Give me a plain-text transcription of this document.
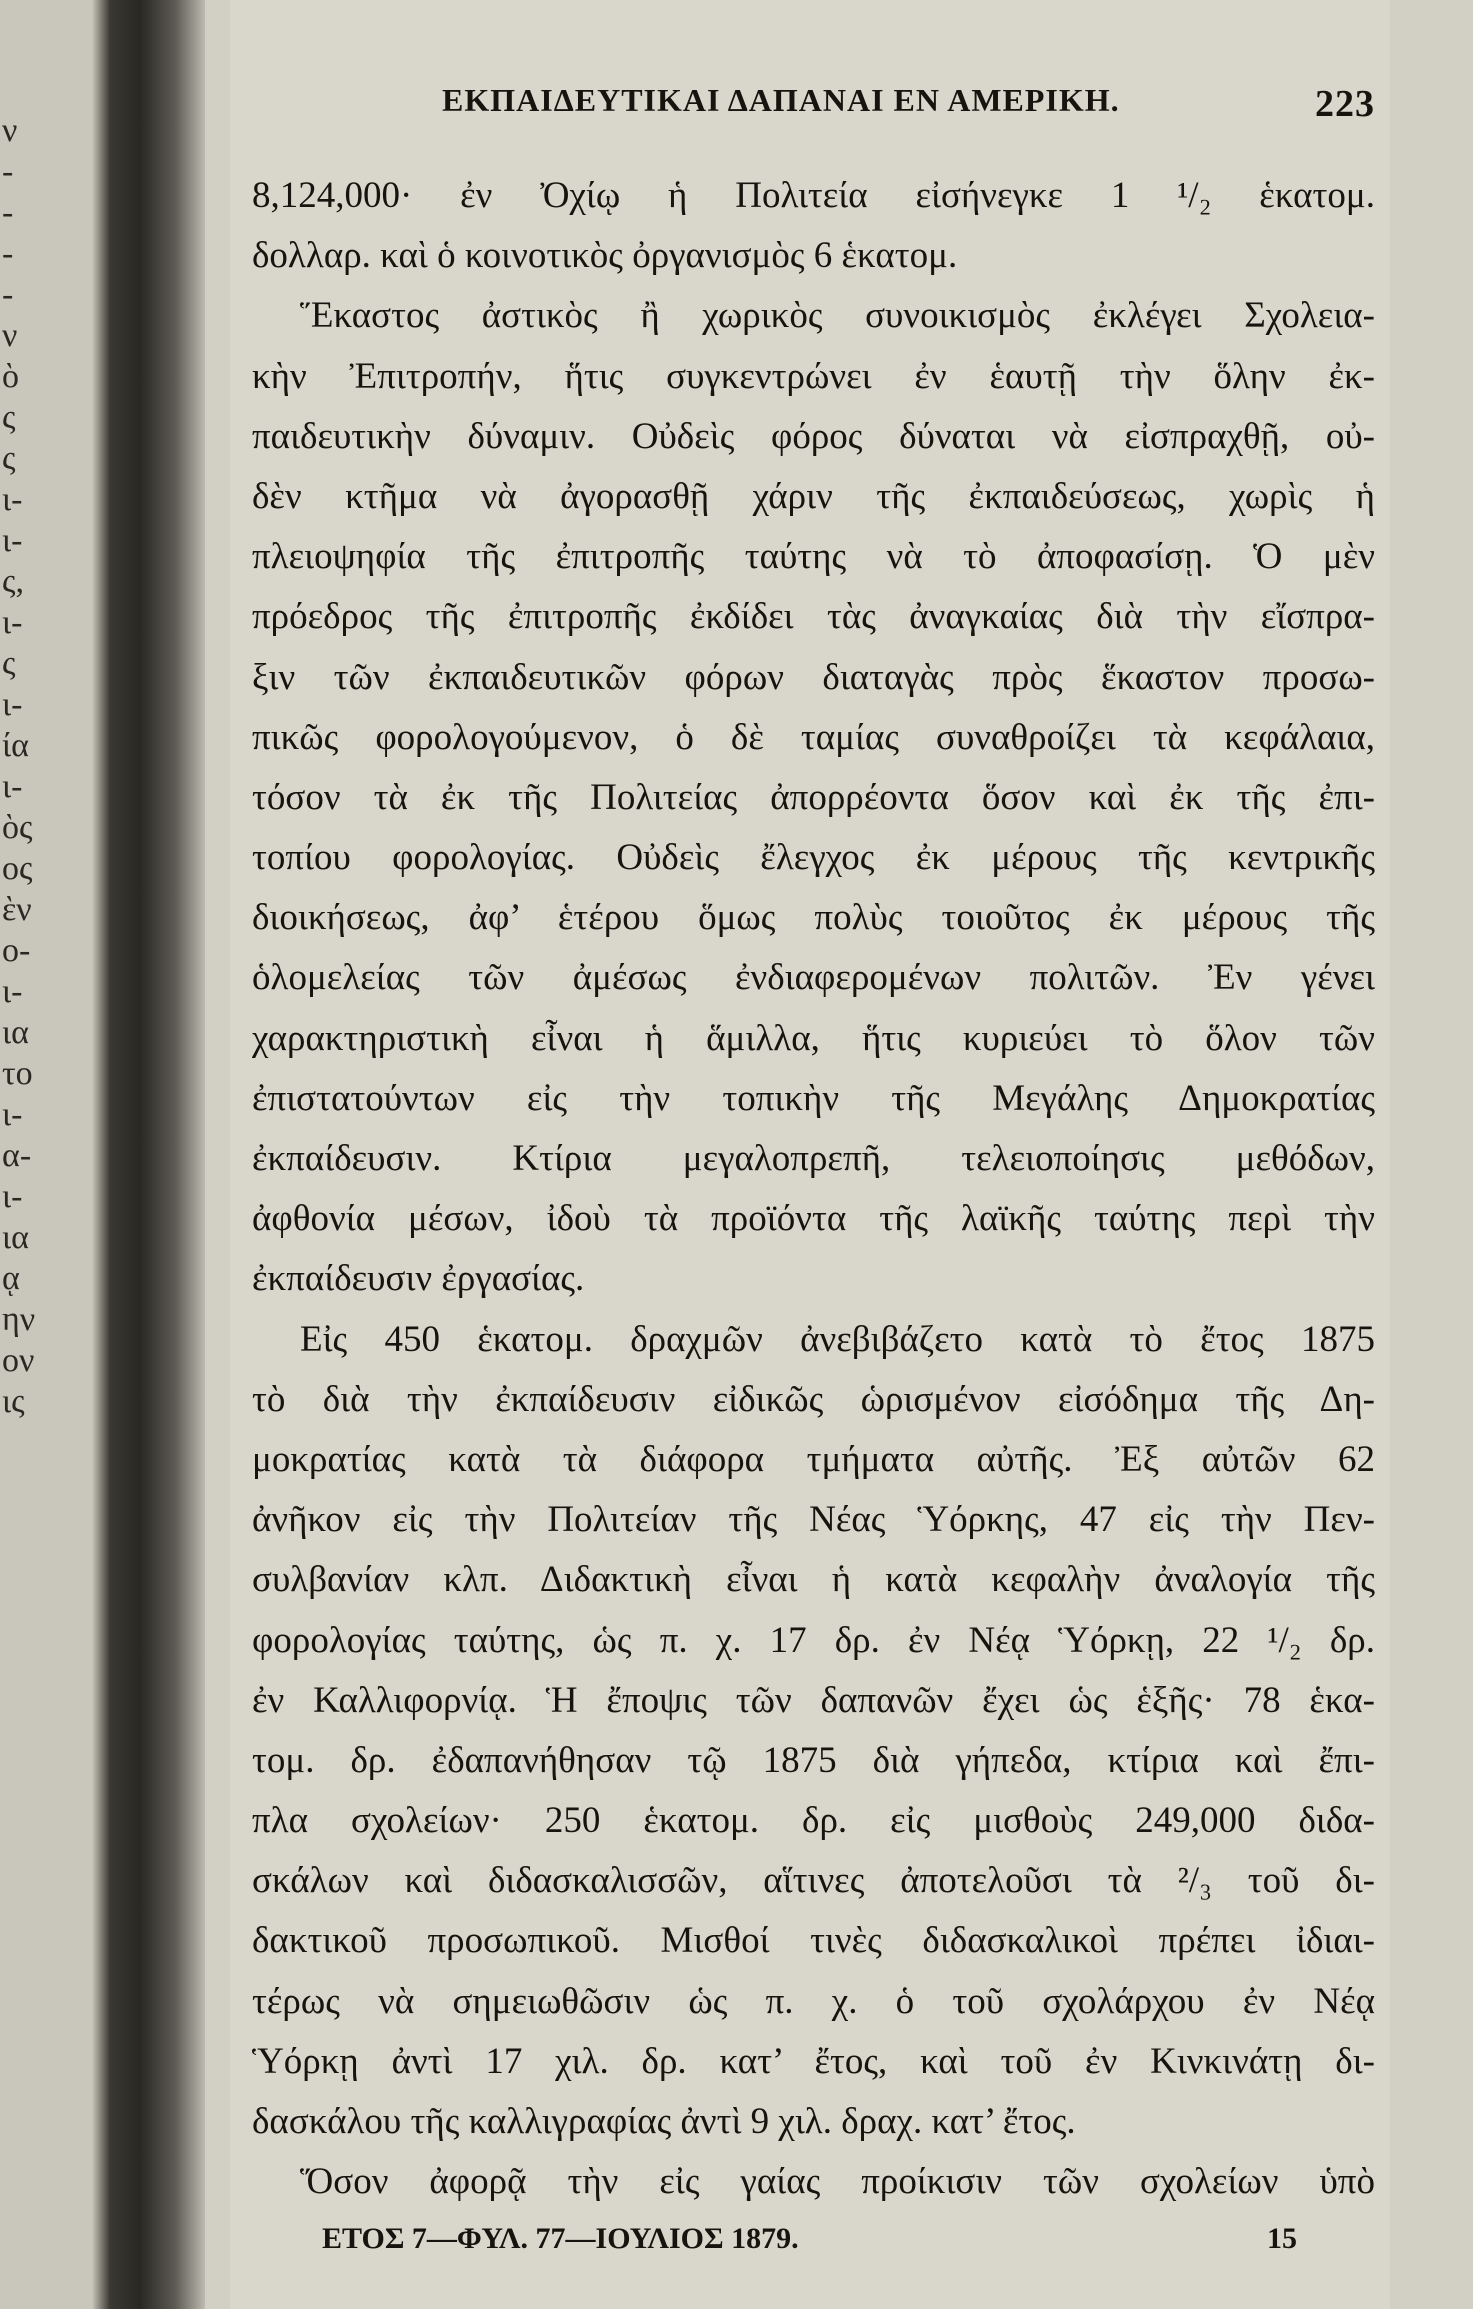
ν
-
-
-
-
ν
ὸ
ς
ς
ι-
ι-
ς,
ι-
ς
ι-
ία
ι-
ὸς
ος
ὲν
ο-
ι-
ια
το
ι-
α-
ι-
ια
ᾳ
ην
ον
ις
ΕΚΠΑΙΔΕΥΤΙΚΑΙ ΔΑΠΑΝΑΙ ΕΝ ΑΜΕΡΙΚΗ.	223
8,124,000· ἐν Ὀχίῳ ἡ Πολιτεία εἰσήνεγκε 1 ¹/₂ ἑκατομ.
δολλαρ. καὶ ὁ κοινοτικὸς ὀργανισμὸς 6 ἑκατομ.
Ἕκαστος ἀστικὸς ἢ χωρικὸς συνοικισμὸς ἐκλέγει Σχολεια-
κὴν Ἐπιτροπήν, ἥτις συγκεντρώνει ἐν ἑαυτῇ τὴν ὅλην ἐκ-
παιδευτικὴν δύναμιν. Οὐδεὶς φόρος δύναται νὰ εἰσπραχθῇ, οὐ-
δὲν κτῆμα νὰ ἀγορασθῇ χάριν τῆς ἐκπαιδεύσεως, χωρὶς ἡ
πλειοψηφία τῆς ἐπιτροπῆς ταύτης νὰ τὸ ἀποφασίσῃ. Ὁ μὲν
πρόεδρος τῆς ἐπιτροπῆς ἐκδίδει τὰς ἀναγκαίας διὰ τὴν εἴσπρα-
ξιν τῶν ἐκπαιδευτικῶν φόρων διαταγὰς πρὸς ἕκαστον προσω-
πικῶς φορολογούμενον, ὁ δὲ ταμίας συναθροίζει τὰ κεφάλαια,
τόσον τὰ ἐκ τῆς Πολιτείας ἀπορρέοντα ὅσον καὶ ἐκ τῆς ἐπι-
τοπίου φορολογίας. Οὐδεὶς ἔλεγχος ἐκ μέρους τῆς κεντρικῆς
διοικήσεως, ἀφ’ ἑτέρου ὅμως πολὺς τοιοῦτος ἐκ μέρους τῆς
ὁλομελείας τῶν ἀμέσως ἐνδιαφερομένων πολιτῶν. Ἐν γένει
χαρακτηριστικὴ εἶναι ἡ ἅμιλλα, ἥτις κυριεύει τὸ ὅλον τῶν
ἐπιστατούντων εἰς τὴν τοπικὴν τῆς Μεγάλης Δημοκρατίας
ἐκπαίδευσιν. Κτίρια μεγαλοπρεπῆ, τελειοποίησις μεθόδων,
ἀφθονία μέσων, ἰδοὺ τὰ προϊόντα τῆς λαϊκῆς ταύτης περὶ τὴν
ἐκπαίδευσιν ἐργασίας.
Εἰς 450 ἑκατομ. δραχμῶν ἀνεβιβάζετο κατὰ τὸ ἔτος 1875
τὸ διὰ τὴν ἐκπαίδευσιν εἰδικῶς ὡρισμένον εἰσόδημα τῆς Δη-
μοκρατίας κατὰ τὰ διάφορα τμήματα αὐτῆς. Ἐξ αὐτῶν 62
ἀνῆκον εἰς τὴν Πολιτείαν τῆς Νέας Ὑόρκης, 47 εἰς τὴν Πεν-
συλβανίαν κλπ. Διδακτικὴ εἶναι ἡ κατὰ κεφαλὴν ἀναλογία τῆς
φορολογίας ταύτης, ὡς π. χ. 17 δρ. ἐν Νέᾳ Ὑόρκῃ, 22 ¹/₂ δρ.
ἐν Καλλιφορνίᾳ. Ἡ ἔποψις τῶν δαπανῶν ἔχει ὡς ἑξῆς· 78 ἑκα-
τομ. δρ. ἐδαπανήθησαν τῷ 1875 διὰ γήπεδα, κτίρια καὶ ἔπι-
πλα σχολείων· 250 ἑκατομ. δρ. εἰς μισθοὺς 249,000 διδα-
σκάλων καὶ διδασκαλισσῶν, αἵτινες ἀποτελοῦσι τὰ ²/₃ τοῦ δι-
δακτικοῦ προσωπικοῦ. Μισθοί τινὲς διδασκαλικοὶ πρέπει ἰδιαι-
τέρως νὰ σημειωθῶσιν ὡς π. χ. ὁ τοῦ σχολάρχου ἐν Νέᾳ
Ὑόρκῃ ἀντὶ 17 χιλ. δρ. κατ’ ἔτος, καὶ τοῦ ἐν Κινκινάτῃ δι-
δασκάλου τῆς καλλιγραφίας ἀντὶ 9 χιλ. δραχ. κατ’ ἔτος.
Ὅσον ἀφορᾷ τὴν εἰς γαίας προίκισιν τῶν σχολείων ὑπὸ
ΕΤΟΣ 7—ΦΥΛ. 77—ΙΟΥΛΙΟΣ 1879.	15
